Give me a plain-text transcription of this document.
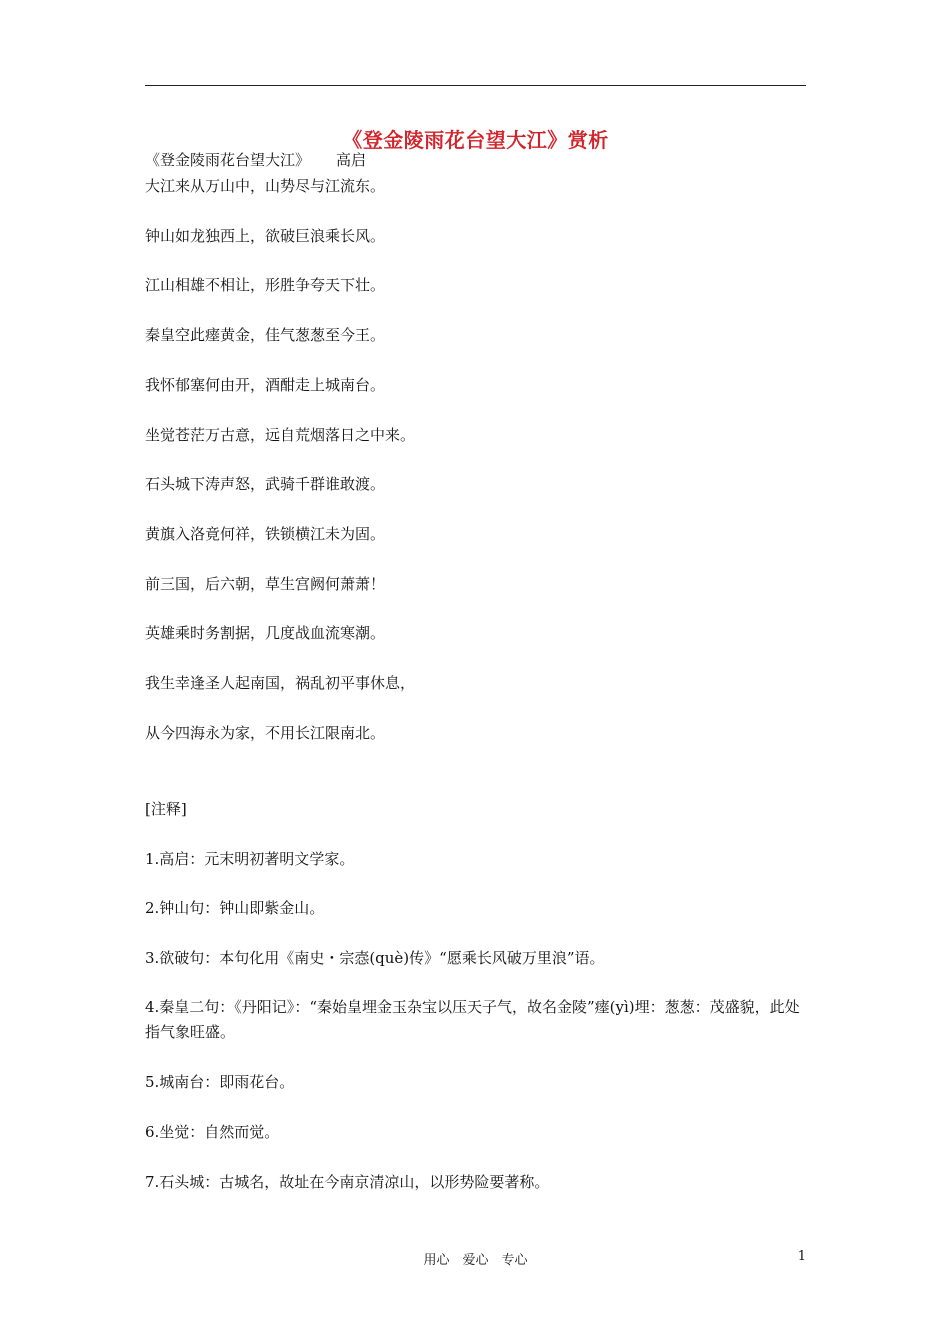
《登金陵雨花台望大江》赏析
《登金陵雨花台望大江》 高启
大江来从万山中，山势尽与江流东。
钟山如龙独西上，欲破巨浪乘长风。
江山相雄不相让，形胜争夸天下壮。
秦皇空此瘗黄金，佳气葱葱至今王。
我怀郁塞何由开，酒酣走上城南台。
坐觉苍茫万古意，远自荒烟落日之中来。
石头城下涛声怒，武骑千群谁敢渡。
黄旗入洛竟何祥，铁锁横江未为固。
前三国，后六朝，草生宫阙何萧萧！
英雄乘时务割据，几度战血流寒潮。
我生幸逢圣人起南国，祸乱初平事休息，
从今四海永为家，不用长江限南北。
[注释]
1.高启：元末明初著明文学家。
2.钟山句：钟山即紫金山。
3.欲破句：本句化用《南史・宗悫(què)传》“愿乘长风破万里浪”语。
4.秦皇二句：《丹阳记》：“秦始皇埋金玉杂宝以压天子气，故名金陵”瘗(yì)埋：葱葱：茂盛貌，此处指气象旺盛。
5.城南台：即雨花台。
6.坐觉：自然而觉。
7.石头城：古城名，故址在今南京清凉山，以形势险要著称。
用心　爱心　专心	1
